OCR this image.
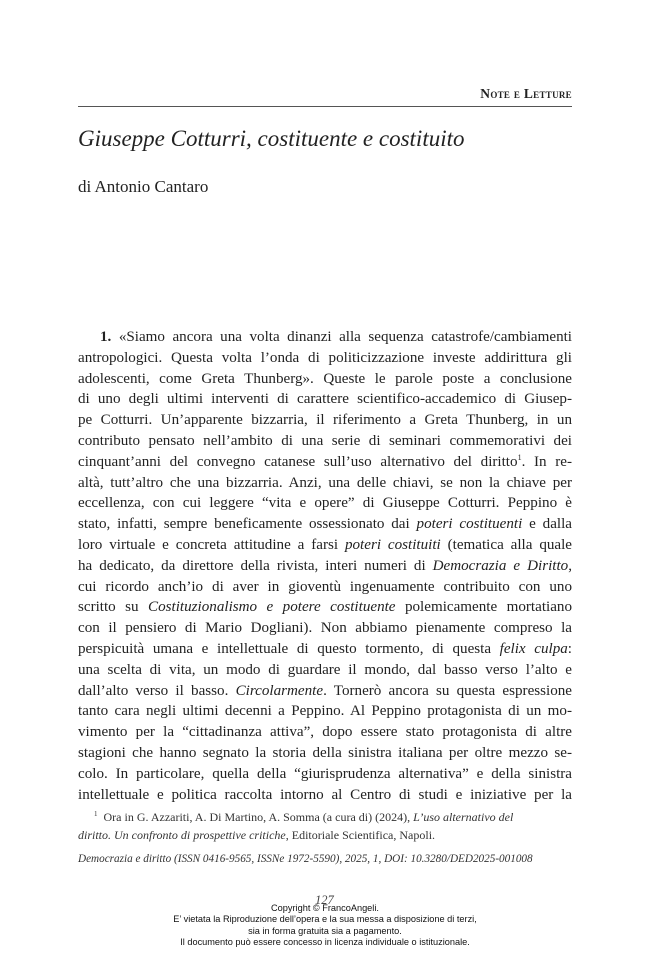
Note e Letture
Giuseppe Cotturri, costituente e costituito
di Antonio Cantaro
1. «Siamo ancora una volta dinanzi alla sequenza catastrofe/cambiamenti
antropologici. Questa volta l’onda di politicizzazione investe addirittura gli
adolescenti, come Greta Thunberg». Queste le parole poste a conclusione
di uno degli ultimi interventi di carattere scientifico-accademico di Giusep-
pe Cotturri. Un’apparente bizzarria, il riferimento a Greta Thunberg, in un
contributo pensato nell’ambito di una serie di seminari commemorativi dei
cinquant’anni del convegno catanese sull’uso alternativo del diritto$^1$. In re-
altà, tutt’altro che una bizzarria. Anzi, una delle chiavi, se non la chiave per
eccellenza, con cui leggere “vita e opere” di Giuseppe Cotturri. Peppino è
stato, infatti, sempre beneficamente ossessionato dai poteri costituenti e dalla
loro virtuale e concreta attitudine a farsi poteri costituiti (tematica alla quale
ha dedicato, da direttore della rivista, interi numeri di Democrazia e Diritto,
cui ricordo anch’io di aver in gioventù ingenuamente contribuito con uno
scritto su Costituzionalismo e potere costituente polemicamente mortatiano
con il pensiero di Mario Dogliani). Non abbiamo pienamente compreso la
perspicuità umana e intellettuale di questo tormento, di questa felix culpa:
una scelta di vita, un modo di guardare il mondo, dal basso verso l’alto e
dall’alto verso il basso. Circolarmente. Tornerò ancora su questa espressione
tanto cara negli ultimi decenni a Peppino. Al Peppino protagonista di un mo-
vimento per la “cittadinanza attiva”, dopo essere stato protagonista di altre
stagioni che hanno segnato la storia della sinistra italiana per oltre mezzo se-
colo. In particolare, quella della “giurisprudenza alternativa” e della sinistra
intellettuale e politica raccolta intorno al Centro di studi e iniziative per la
$^1$ Ora in G. Azzariti, A. Di Martino, A. Somma (a cura di) (2024), L’uso alternativo del
diritto. Un confronto di prospettive critiche, Editoriale Scientifica, Napoli.
Democrazia e diritto (ISSN 0416-9565, ISSNe 1972-5590), 2025, 1, DOI: 10.3280/DED2025-001008
127
Copyright © FrancoAngeli.
E’ vietata la Riproduzione dell’opera e la sua messa a disposizione di terzi,
sia in forma gratuita sia a pagamento.
Il documento può essere concesso in licenza individuale o istituzionale.
